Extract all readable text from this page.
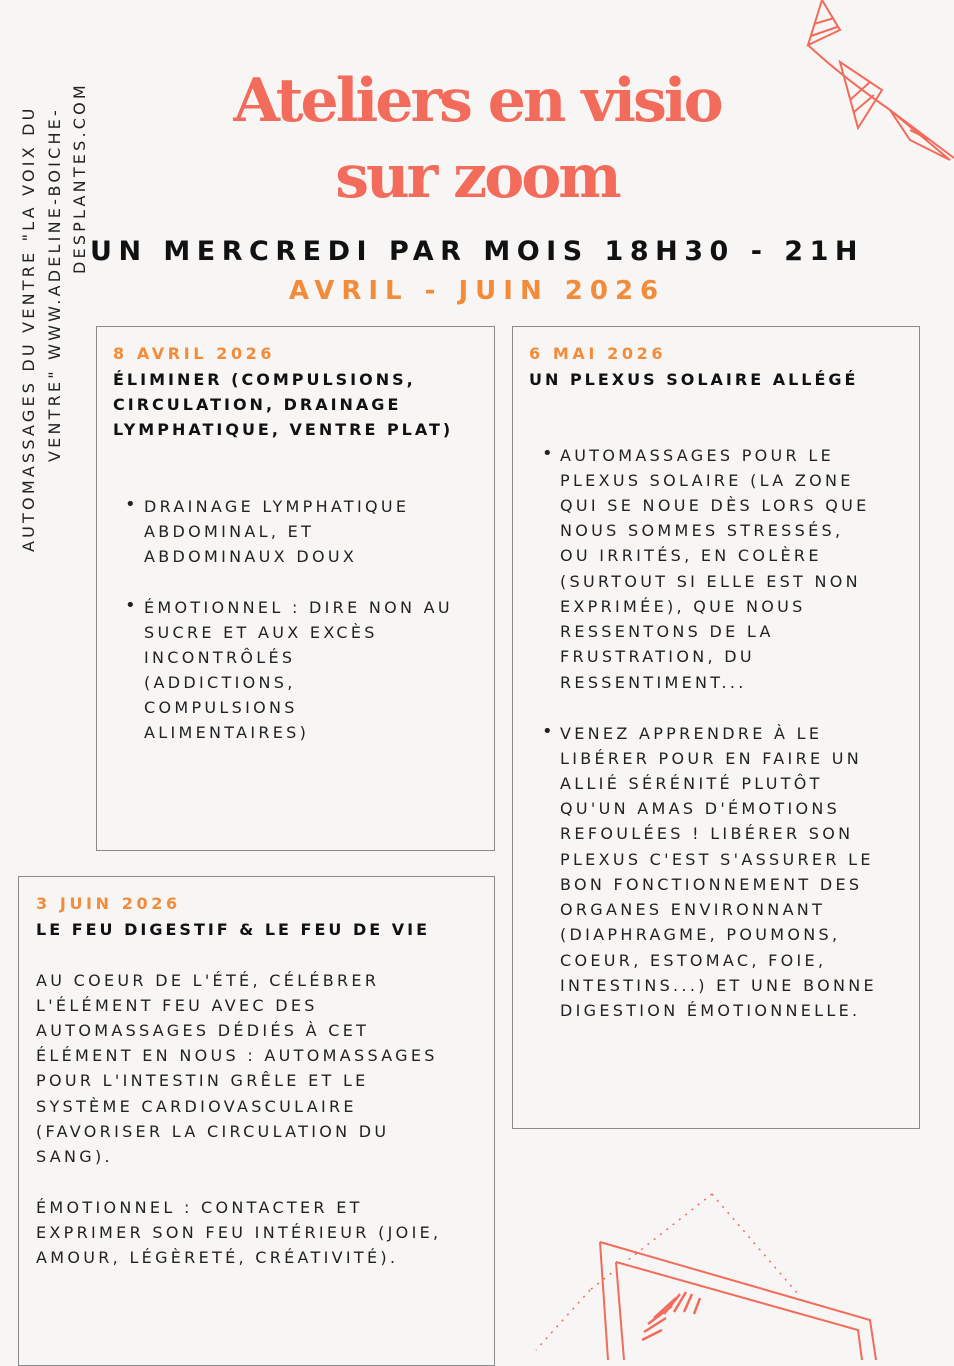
Ateliers en visio
sur zoom
UN MERCREDI PAR MOIS 18H30 - 21H
AVRIL - JUIN 2026
AUTOMASSAGES DU VENTRE "LA VOIX DU VENTRE" WWW.ADELINE-BOICHE- DESPLANTES.COM
8 AVRIL 2026
ÉLIMINER (COMPULSIONS,
CIRCULATION, DRAINAGE
LYMPHATIQUE, VENTRE PLAT)
• DRAINAGE LYMPHATIQUE
ABDOMINAL, ET
ABDOMINAUX DOUX
• ÉMOTIONNEL : DIRE NON AU
SUCRE ET AUX EXCÈS
INCONTRÔLÉS
(ADDICTIONS,
COMPULSIONS
ALIMENTAIRES)
6 MAI 2026
UN PLEXUS SOLAIRE ALLÉGÉ
• AUTOMASSAGES POUR LE
PLEXUS SOLAIRE (LA ZONE
QUI SE NOUE DÈS LORS QUE
NOUS SOMMES STRESSÉS,
OU IRRITÉS, EN COLÈRE
(SURTOUT SI ELLE EST NON
EXPRIMÉE), QUE NOUS
RESSENTONS DE LA
FRUSTRATION, DU
RESSENTIMENT...
• VENEZ APPRENDRE À LE
LIBÉRER POUR EN FAIRE UN
ALLIÉ SÉRÉNITÉ PLUTÔT
QU'UN AMAS D'ÉMOTIONS
REFOULÉES ! LIBÉRER SON
PLEXUS C'EST S'ASSURER LE
BON FONCTIONNEMENT DES
ORGANES ENVIRONNANT
(DIAPHRAGME, POUMONS,
COEUR, ESTOMAC, FOIE,
INTESTINS...) ET UNE BONNE
DIGESTION ÉMOTIONNELLE.
3 JUIN 2026
LE FEU DIGESTIF & LE FEU DE VIE
AU COEUR DE L'ÉTÉ, CÉLÉBRER
L'ÉLÉMENT FEU AVEC DES
AUTOMASSAGES DÉDIÉS À CET
ÉLÉMENT EN NOUS : AUTOMASSAGES
POUR L'INTESTIN GRÊLE ET LE
SYSTÈME CARDIOVASCULAIRE
(FAVORISER LA CIRCULATION DU
SANG).
ÉMOTIONNEL : CONTACTER ET
EXPRIMER SON FEU INTÉRIEUR (JOIE,
AMOUR, LÉGÈRETÉ, CRÉATIVITÉ).
